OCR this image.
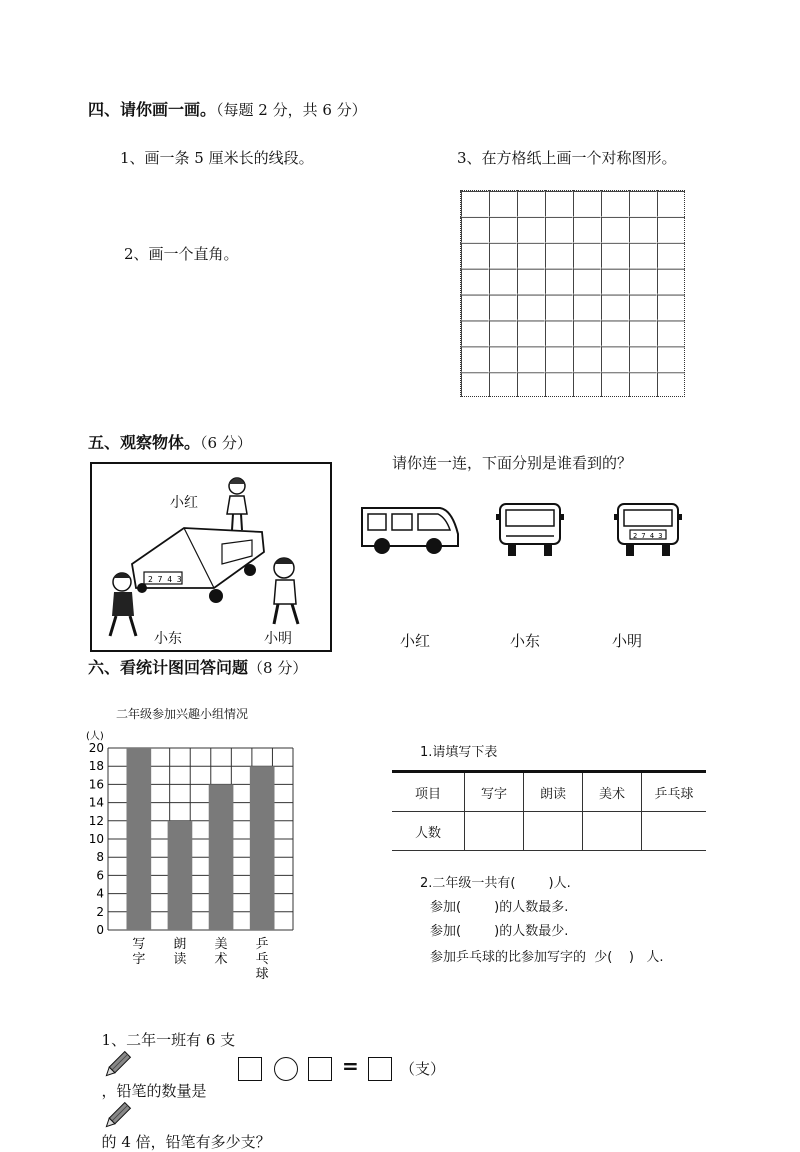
四、请你画一画。（每题 2 分，共 6 分）
1、画一条 5 厘米长的线段。
2、画一个直角。
3、在方格纸上画一个对称图形。
五、观察物体。（6 分）
请你连一连，下面分别是谁看到的？
小红
小东	小明
2 7 4 3
2 7 4 3
小红	小东	小明
六、看统计图回答问题（8 分）
二年级参加兴趣小组情况
(人)
0
2
4
6
8
10
12
14
16
18
20
写
字
朗
读
美
术
乒
乓
球
1.请填写下表
项目	写字	朗读	美术	乒乓球
人数				
2.二年级一共有(        )人.
参加(        )的人数最多.
参加(        )的人数最少.
参加乒乓球的比参加写字的  少(    )   人.

1、二年一班有 6 支

，铅笔的数量是

的 4 倍，铅笔有多少支？

=	（支）
